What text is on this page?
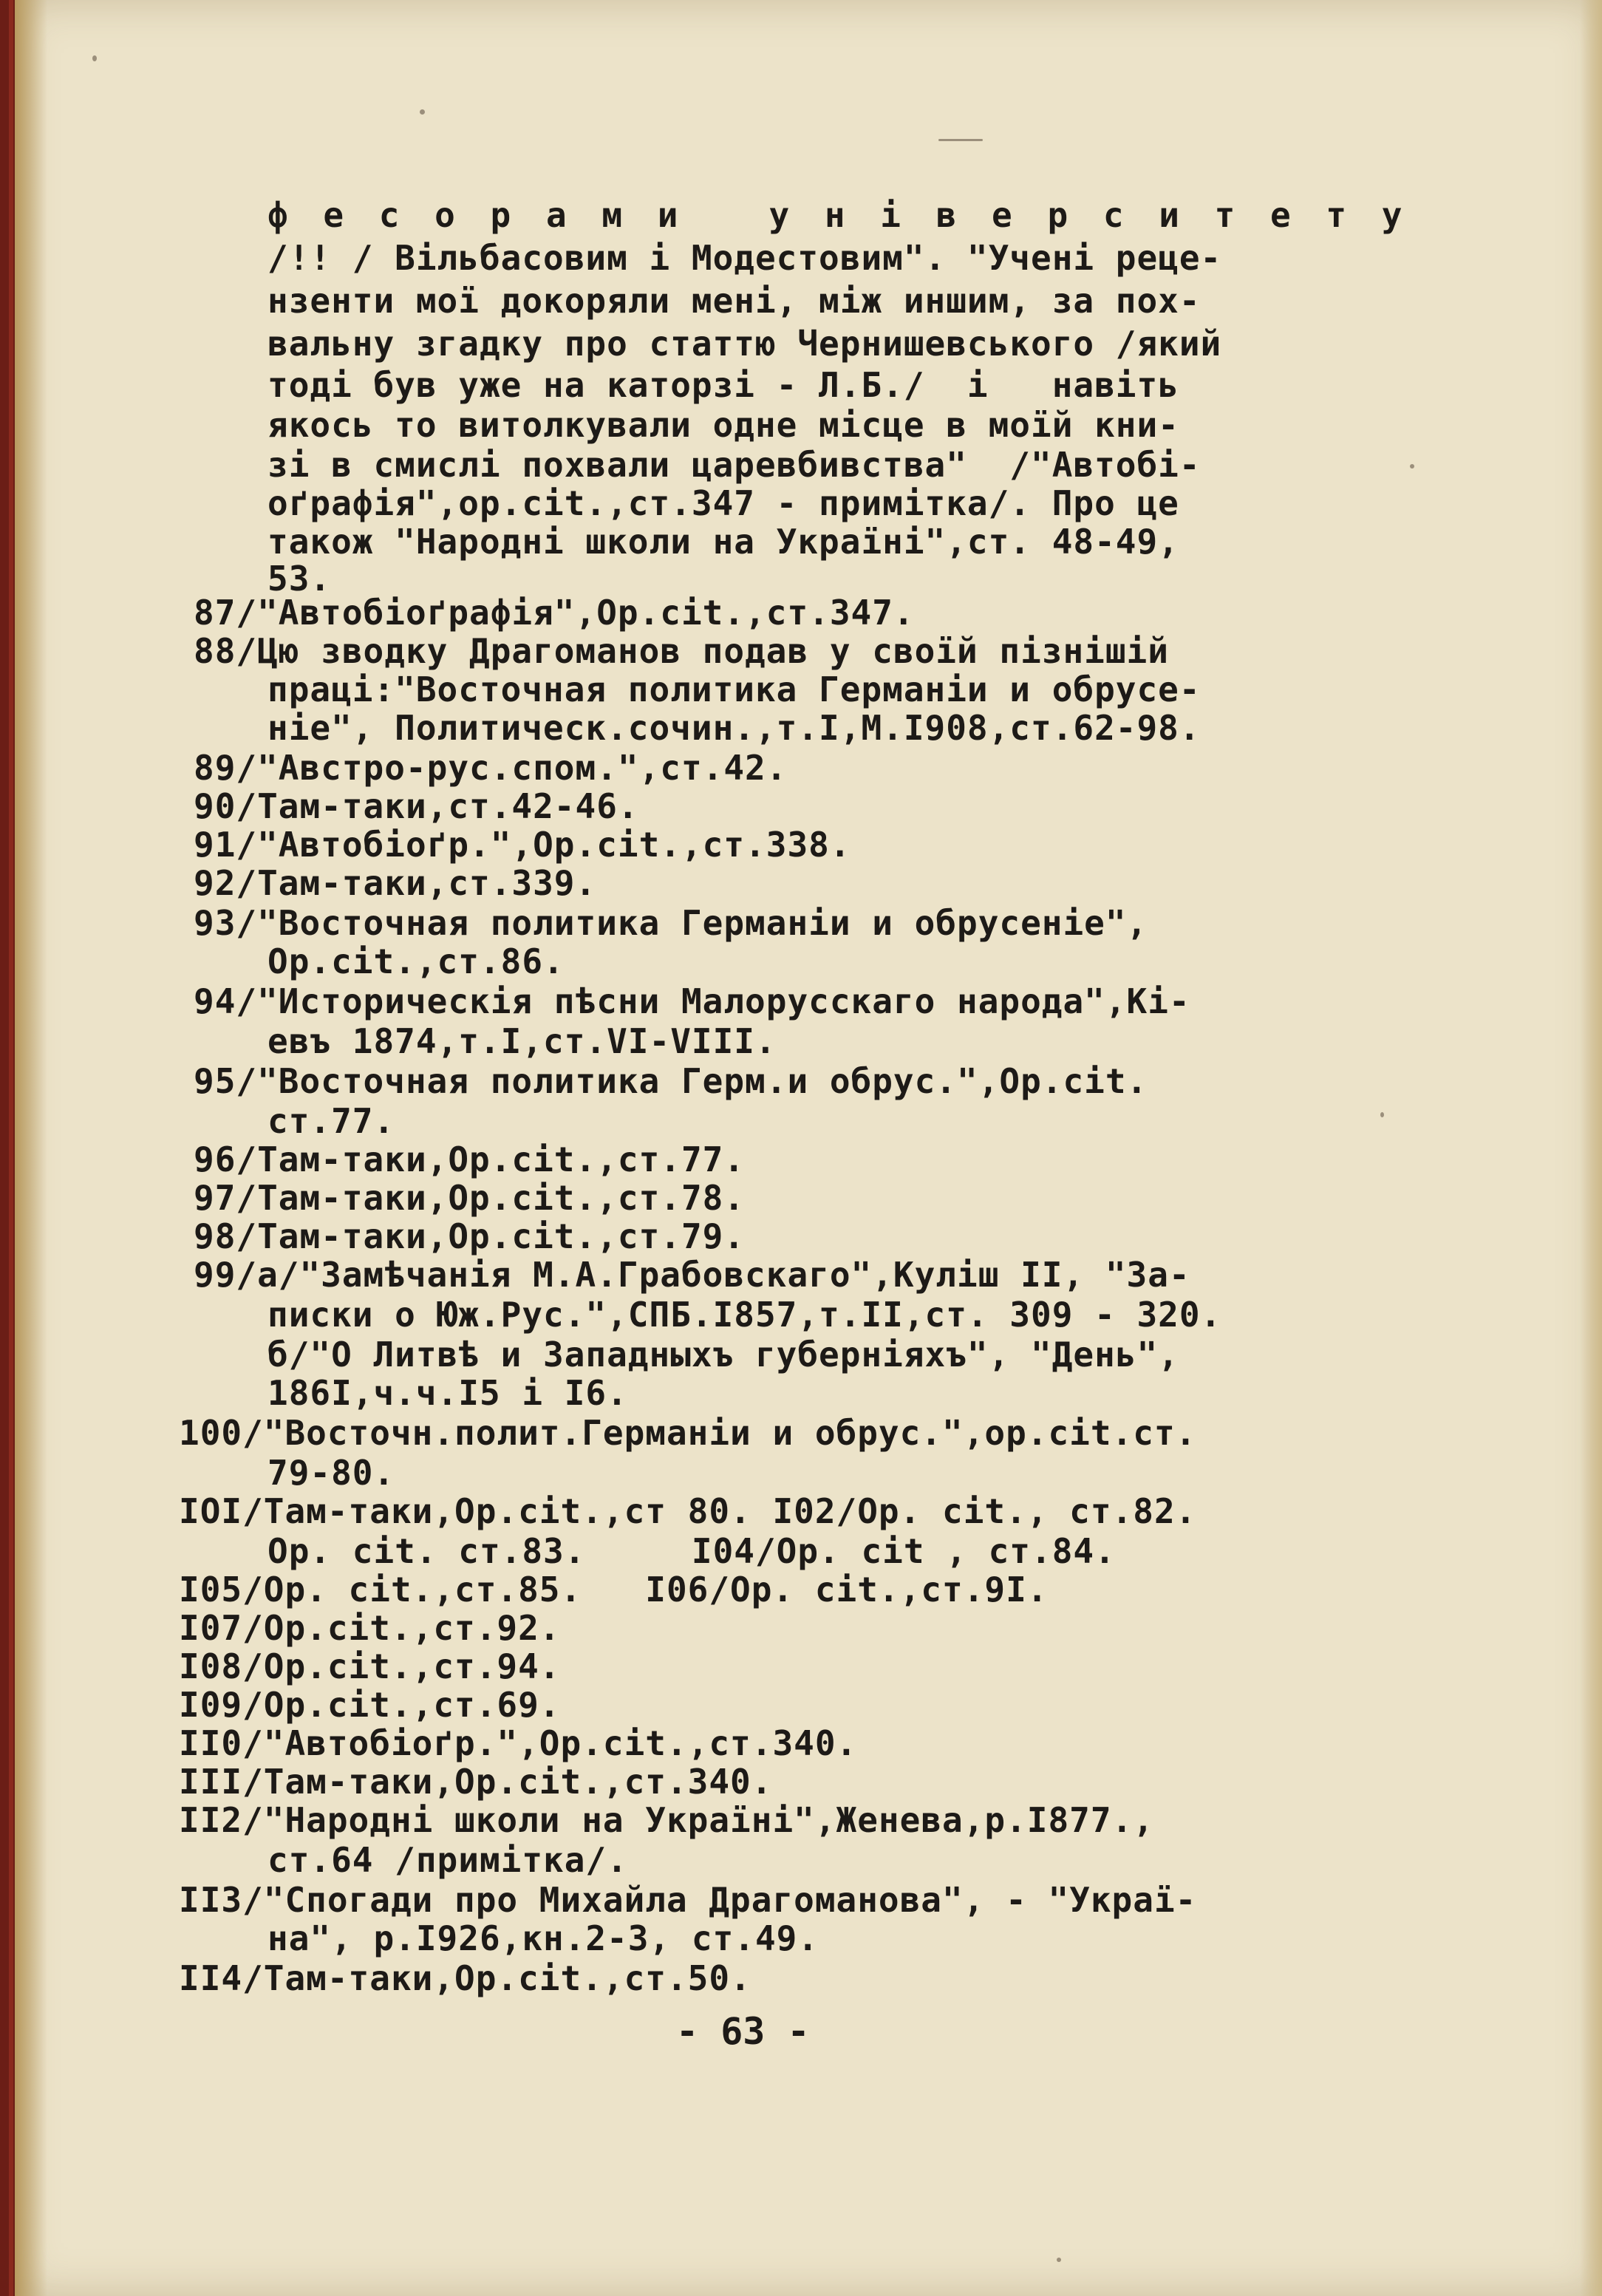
ф е с о р а м и   у н і в е р с и т е т у
/!! / Вільбасовим і Модестовим". "Учені реце-
нзенти мої докоряли мені, між иншим, за пох-
вальну згадку про статтю Чернишевського /який
тоді був уже на каторзі - Л.Б./  і   навіть
якось то витолкували одне місце в моїй кни-
зі в смислі похвали царевбивства"  /"Автобі-
оґрафія",op.cit.,ст.347 - примітка/. Про це
також "Народні школи на Україні",ст. 48-49,
53.
87/"Автобіоґрафія",Op.cit.,ст.347.
88/Цю зводку Драгоманов подав у своїй пізнішій
праці:"Восточная политика Германіи и обрусе-
ніе", Политическ.сочин.,т.І,М.І908,ст.62-98.
89/"Австро-рус.спом.",ст.42.
90/Там-таки,ст.42-46.
91/"Автобіоґр.",Op.cit.,ст.338.
92/Там-таки,ст.339.
93/"Восточная политика Германіи и обрусеніе",
Op.cit.,ст.86.
94/"Историческія пѣсни Малорусскаго народа",Кі-
евъ 1874,т.І,ст.VI-VIII.
95/"Восточная политика Герм.и обрус.",Op.cit.
ст.77.
96/Там-таки,Op.cit.,ст.77.
97/Там-таки,Op.cit.,ст.78.
98/Там-таки,Op.cit.,ст.79.
99/а/"Замѣчанія М.А.Грабовскаго",Куліш II, "За-
писки о Юж.Рус.",СПБ.І857,т.II,ст. 309 - 320.
б/"О Литвѣ и Западныхъ губерніяхъ", "День",
186I,ч.ч.I5 і I6.
100/"Восточн.полит.Германіи и обрус.",op.cit.ст.
79-80.
IOI/Там-таки,Op.cit.,ст 80. I02/Op. cit., ст.82.
Op. cit. ст.83.     I04/Op. cit , ст.84.
I05/Op. cit.,ст.85.   I06/Op. cit.,ст.9I.
I07/Op.cit.,ст.92.
I08/Op.cit.,ст.94.
I09/Op.cit.,ст.69.
II0/"Автобіоґр.",Op.cit.,ст.340.
III/Там-таки,Op.cit.,ст.340.
II2/"Народні школи на Україні",Женева,р.I877.,
ст.64 /примітка/.
II3/"Спогади про Михайла Драгоманова", - "Украї-
на", р.I926,кн.2-3, ст.49.
II4/Там-таки,Op.cit.,ст.50.
- 63 -
